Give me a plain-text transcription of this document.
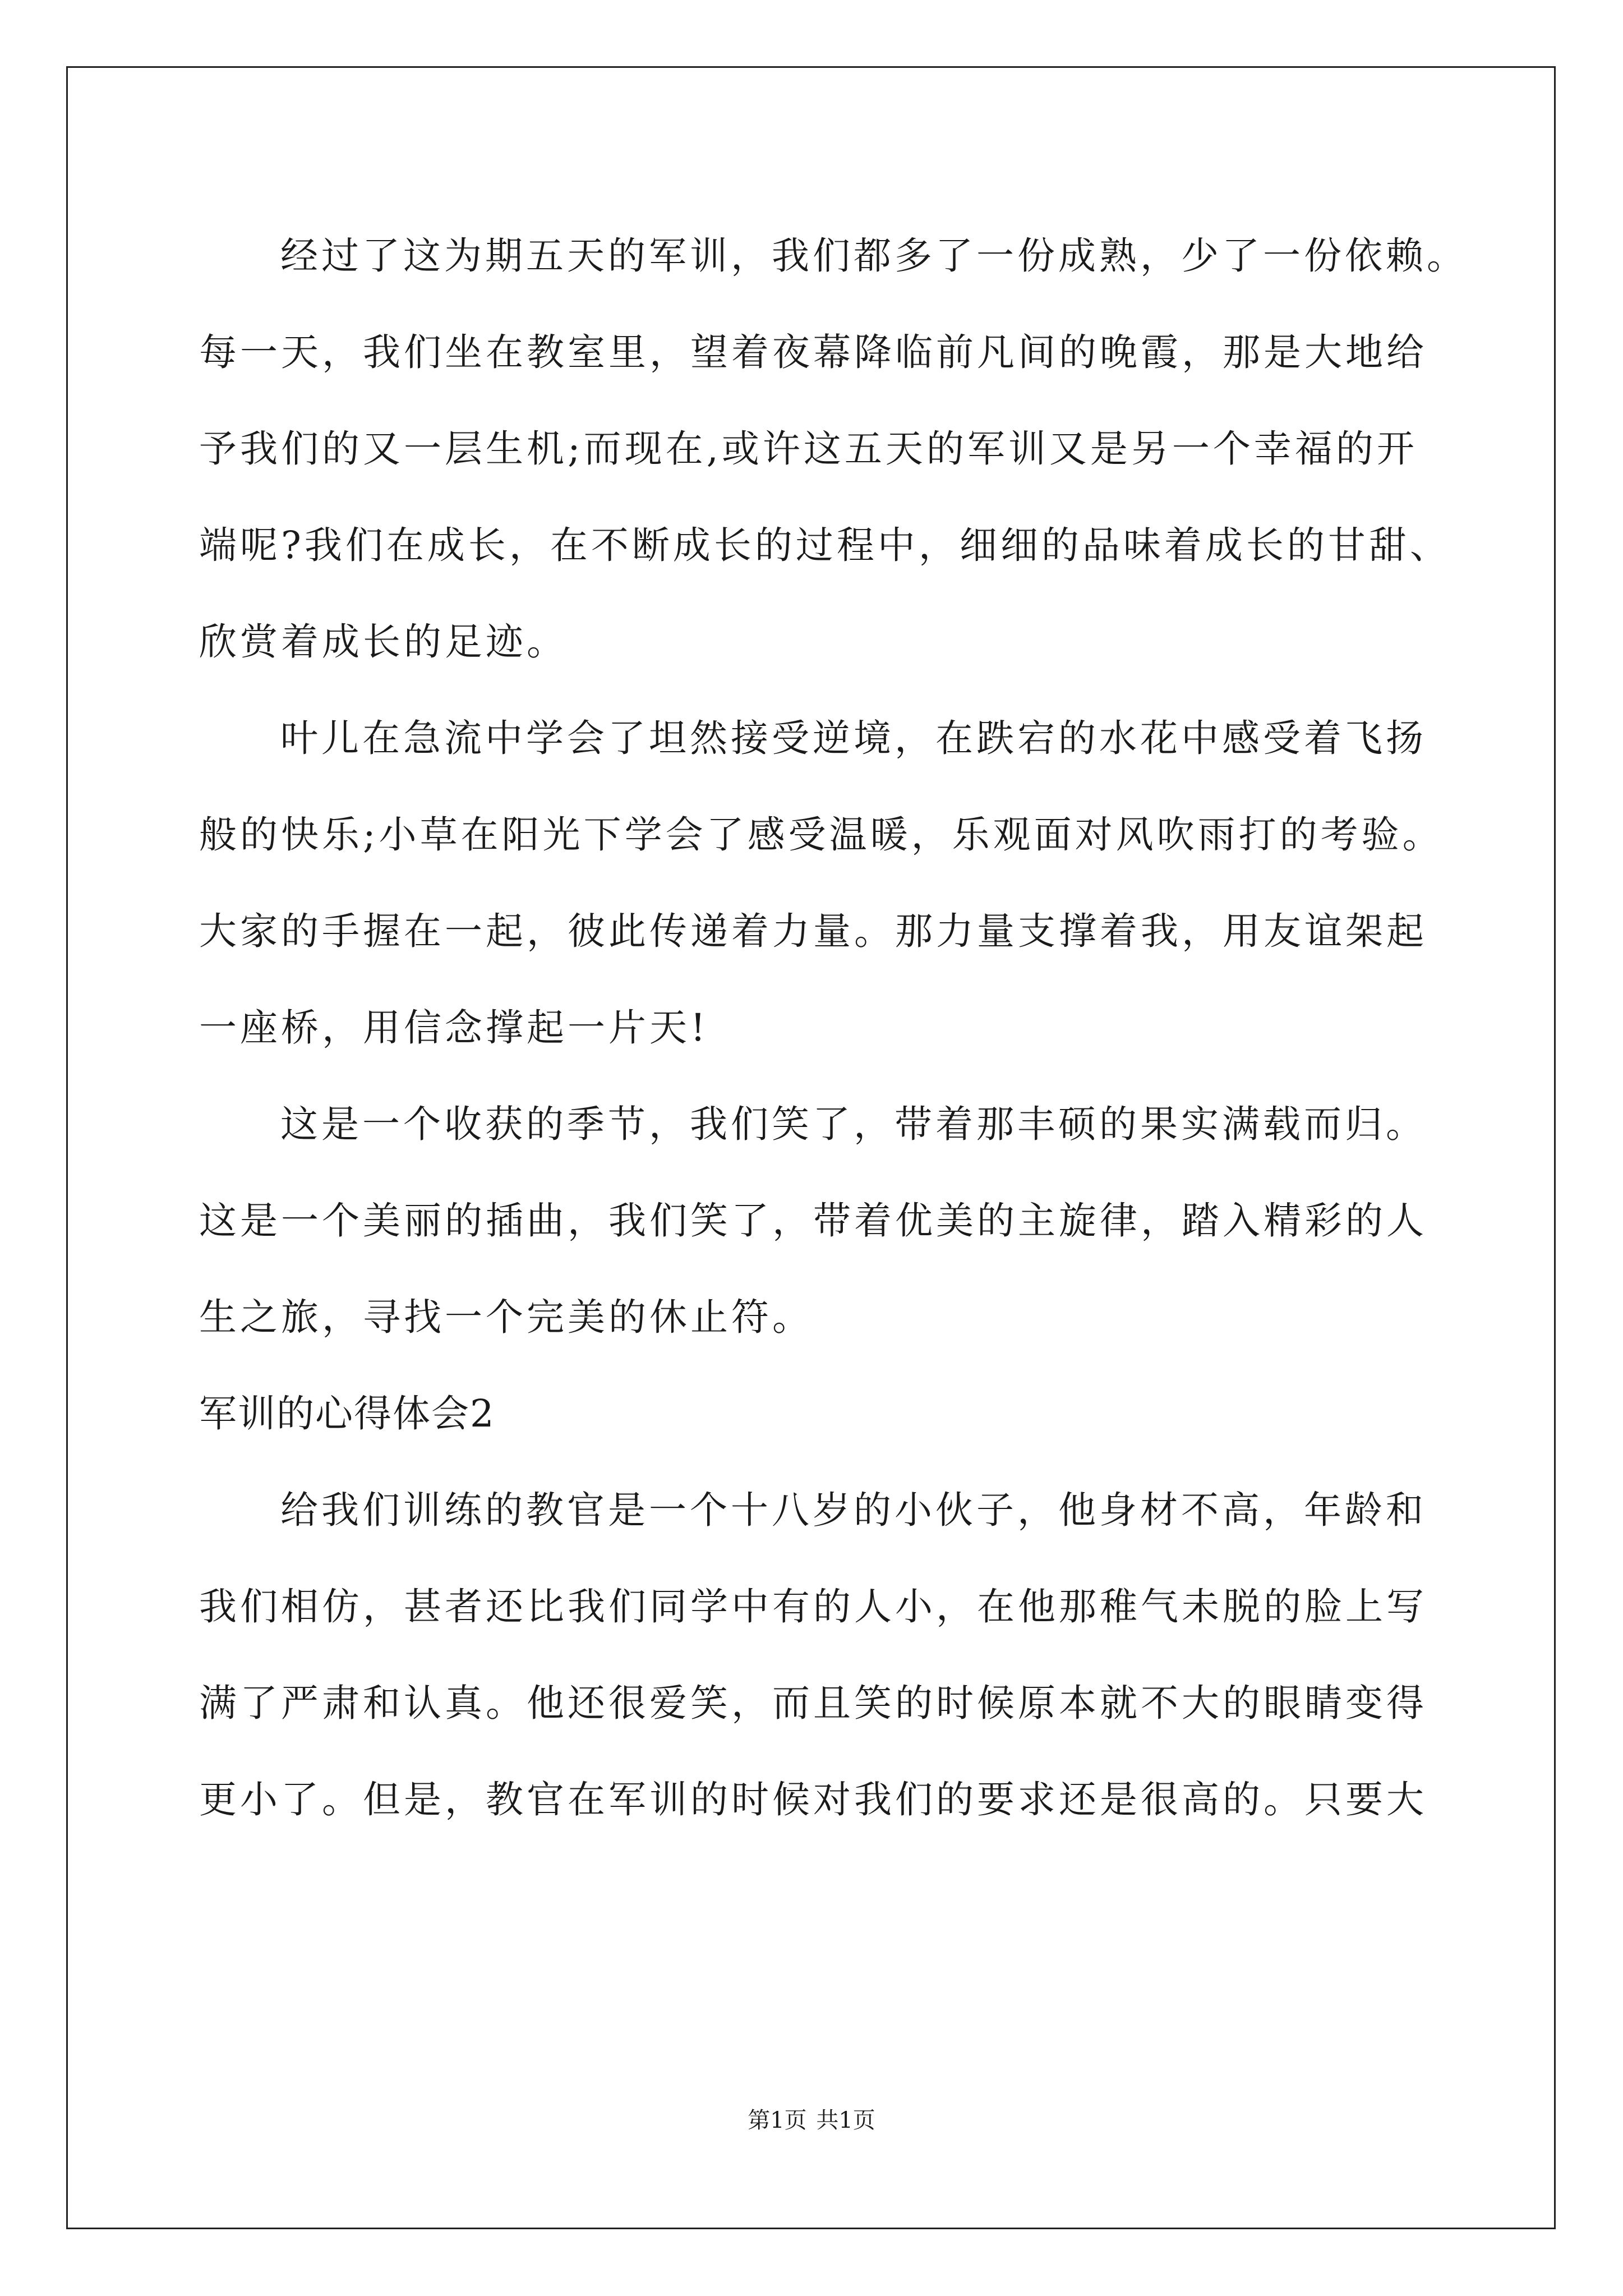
经过了这为期五天的军训，我们都多了一份成熟，少了一份依赖。
每一天，我们坐在教室里，望着夜幕降临前凡间的晚霞，那是大地给
予我们的又一层生机;而现在,或许这五天的军训又是另一个幸福的开
端呢?我们在成长，在不断成长的过程中，细细的品味着成长的甘甜、
欣赏着成长的足迹。
叶儿在急流中学会了坦然接受逆境，在跌宕的水花中感受着飞扬
般的快乐;小草在阳光下学会了感受温暖，乐观面对风吹雨打的考验。
大家的手握在一起，彼此传递着力量。那力量支撑着我，用友谊架起
一座桥，用信念撑起一片天!
这是一个收获的季节，我们笑了，带着那丰硕的果实满载而归。
这是一个美丽的插曲，我们笑了，带着优美的主旋律，踏入精彩的人
生之旅，寻找一个完美的休止符。
军训的心得体会2
给我们训练的教官是一个十八岁的小伙子，他身材不高，年龄和
我们相仿，甚者还比我们同学中有的人小，在他那稚气未脱的脸上写
满了严肃和认真。他还很爱笑，而且笑的时候原本就不大的眼睛变得
更小了。但是，教官在军训的时候对我们的要求还是很高的。只要大
第1页 共1页
